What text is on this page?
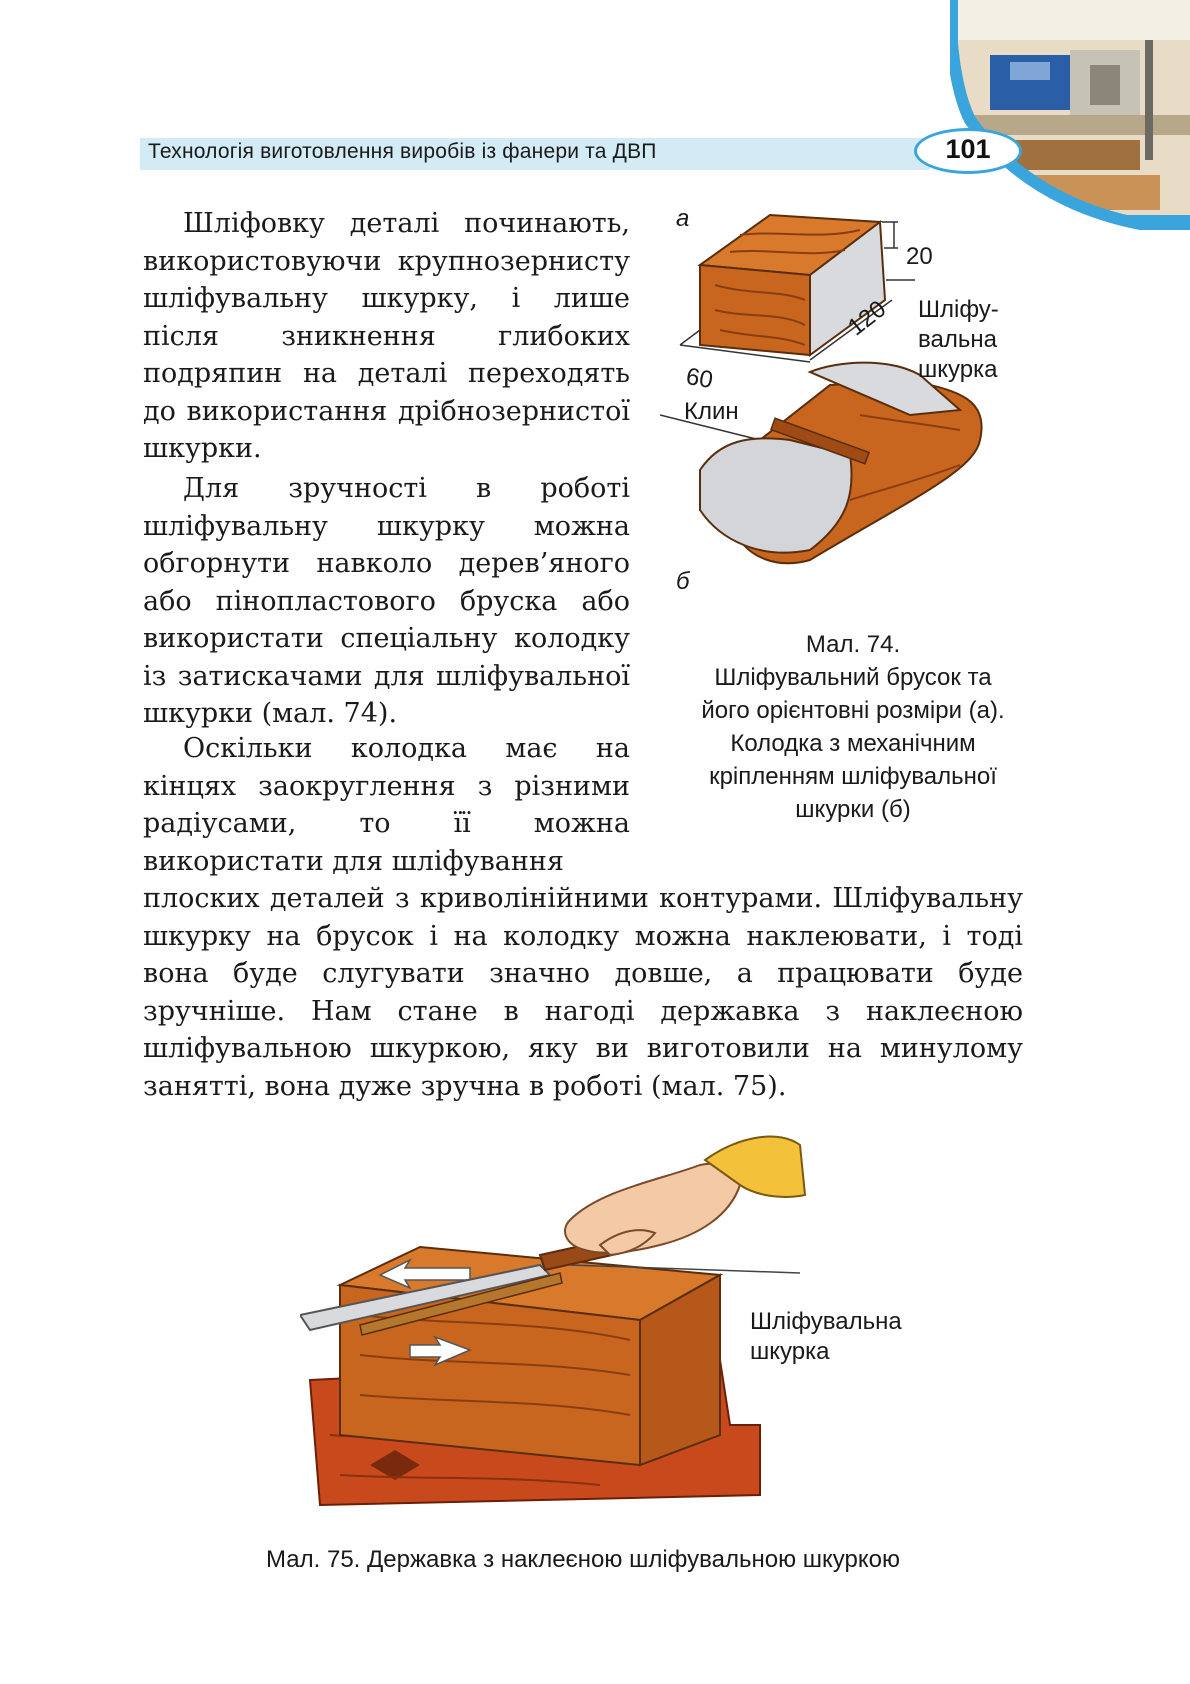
Технологія виготовлення виробів із фанери та ДВП	101

Шліфовку деталі починають, використовуючи крупнозернисту шліфувальну шкурку, і лише після зникнення глибоких подряпин на деталі переходять до використання дрібнозернистої шкурки.

Для зручності в роботі шліфувальну шкурку можна обгорнути навколо дерев’яного або пінопластового бруска або використати спеціальну колодку із затискачами для шліфувальної шкурки (мал. 74).

Оскільки колодка має на кінцях заокруглення з різними радіусами, то її можна використати для шліфування

плоских деталей з криволінійними контурами. Шліфувальну шкурку на брусок і на колодку можна наклеювати, і тоді вона буде слугувати значно довше, а працювати буде зручніше. Нам стане в нагоді державка з наклеєною шліфувальною шкуркою, яку ви виготовили на минулому занятті, вона дуже зручна в роботі (мал. 75).

а
20
120
60
Клин
Шліфу-
вальна
шкурка
б
Мал. 74.
Шліфувальний брусок та
його орієнтовні розміри (а).
Колодка з механічним
кріпленням шліфувальної
шкурки (б)
Шліфувальна
шкурка
Мал. 75. Державка з наклеєною шліфувальною шкуркою
